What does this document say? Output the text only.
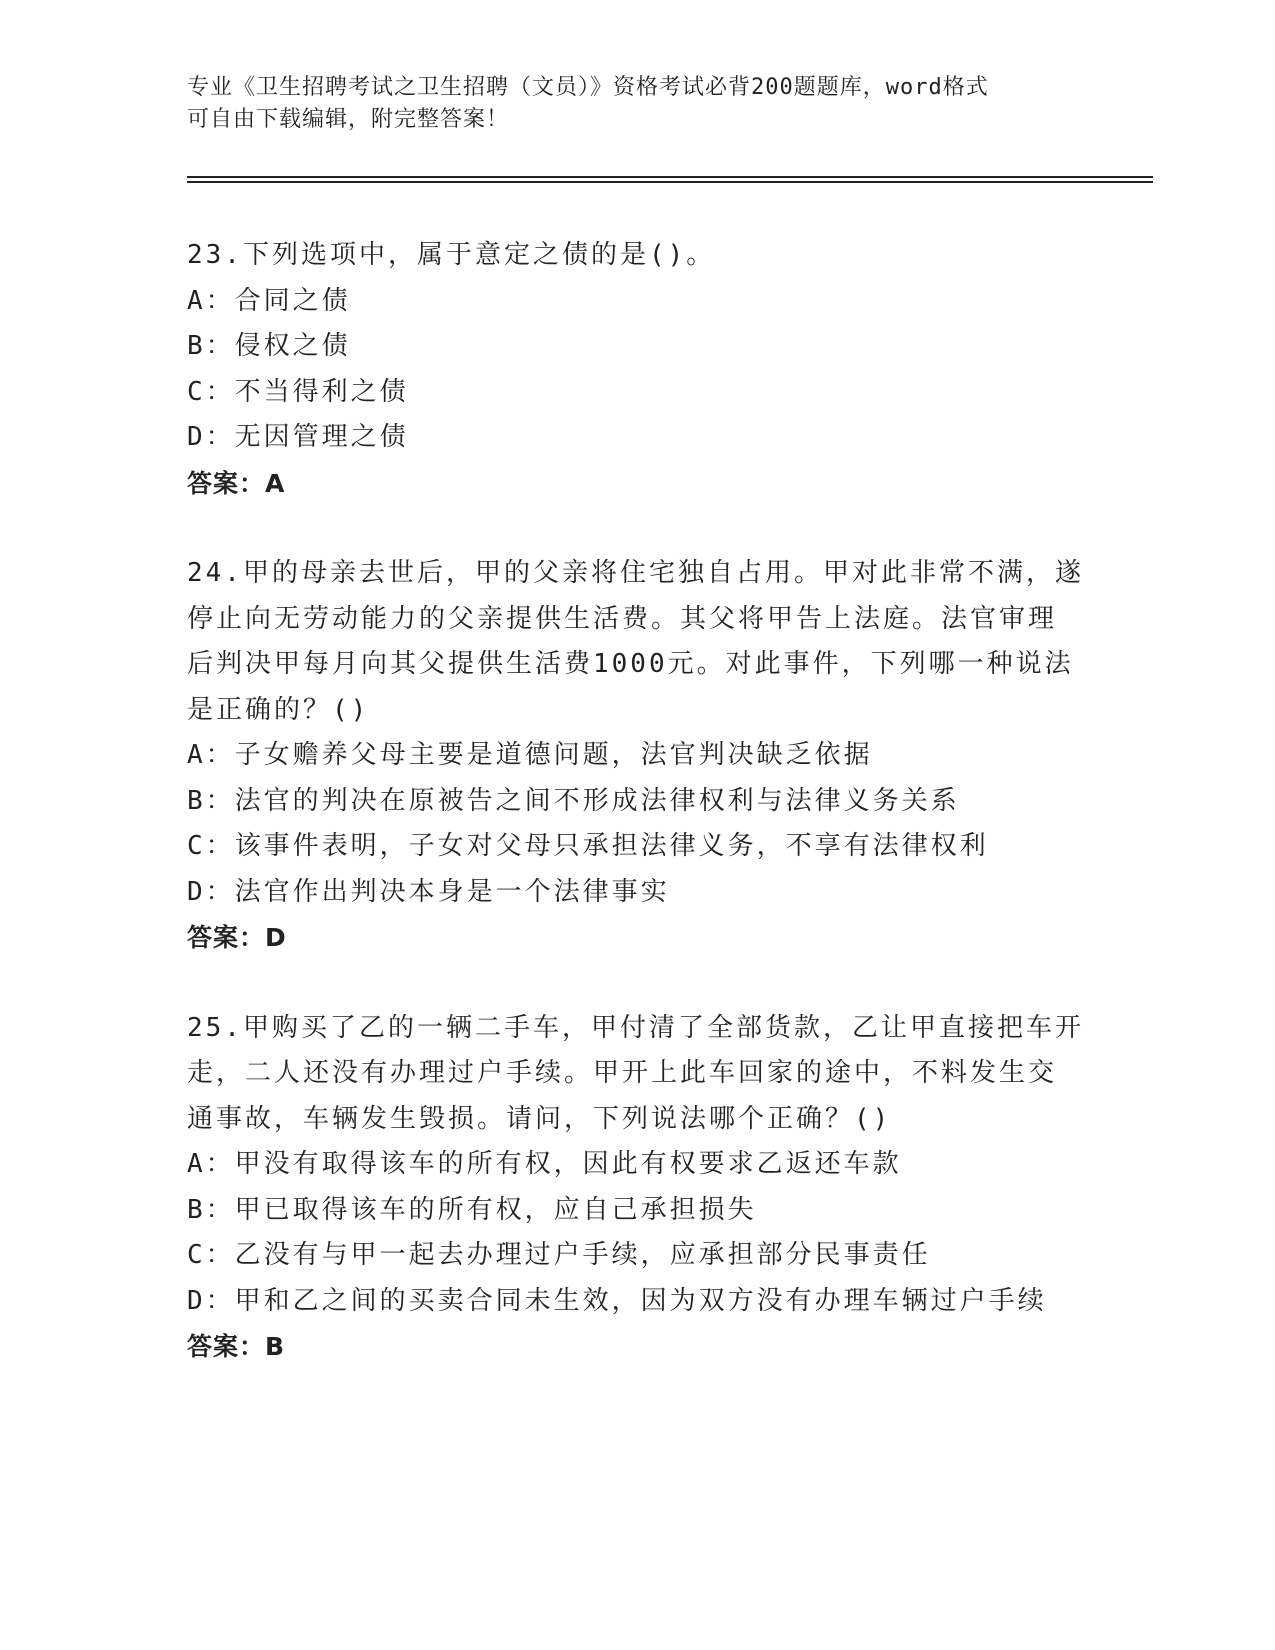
专业《卫生招聘考试之卫生招聘（文员）》资格考试必背200题题库，word格式
可自由下载编辑，附完整答案！
23.下列选项中，属于意定之债的是()。
A：合同之债
B：侵权之债
C：不当得利之债
D：无因管理之债
答案：A
24.甲的母亲去世后，甲的父亲将住宅独自占用。甲对此非常不满，遂
停止向无劳动能力的父亲提供生活费。其父将甲告上法庭。法官审理
后判决甲每月向其父提供生活费1000元。对此事件，下列哪一种说法
是正确的？()
A：子女赡养父母主要是道德问题，法官判决缺乏依据
B：法官的判决在原被告之间不形成法律权利与法律义务关系
C：该事件表明，子女对父母只承担法律义务，不享有法律权利
D：法官作出判决本身是一个法律事实
答案：D
25.甲购买了乙的一辆二手车，甲付清了全部货款，乙让甲直接把车开
走，二人还没有办理过户手续。甲开上此车回家的途中，不料发生交
通事故，车辆发生毁损。请问，下列说法哪个正确？()
A：甲没有取得该车的所有权，因此有权要求乙返还车款
B：甲已取得该车的所有权，应自己承担损失
C：乙没有与甲一起去办理过户手续，应承担部分民事责任
D：甲和乙之间的买卖合同未生效，因为双方没有办理车辆过户手续
答案：B
